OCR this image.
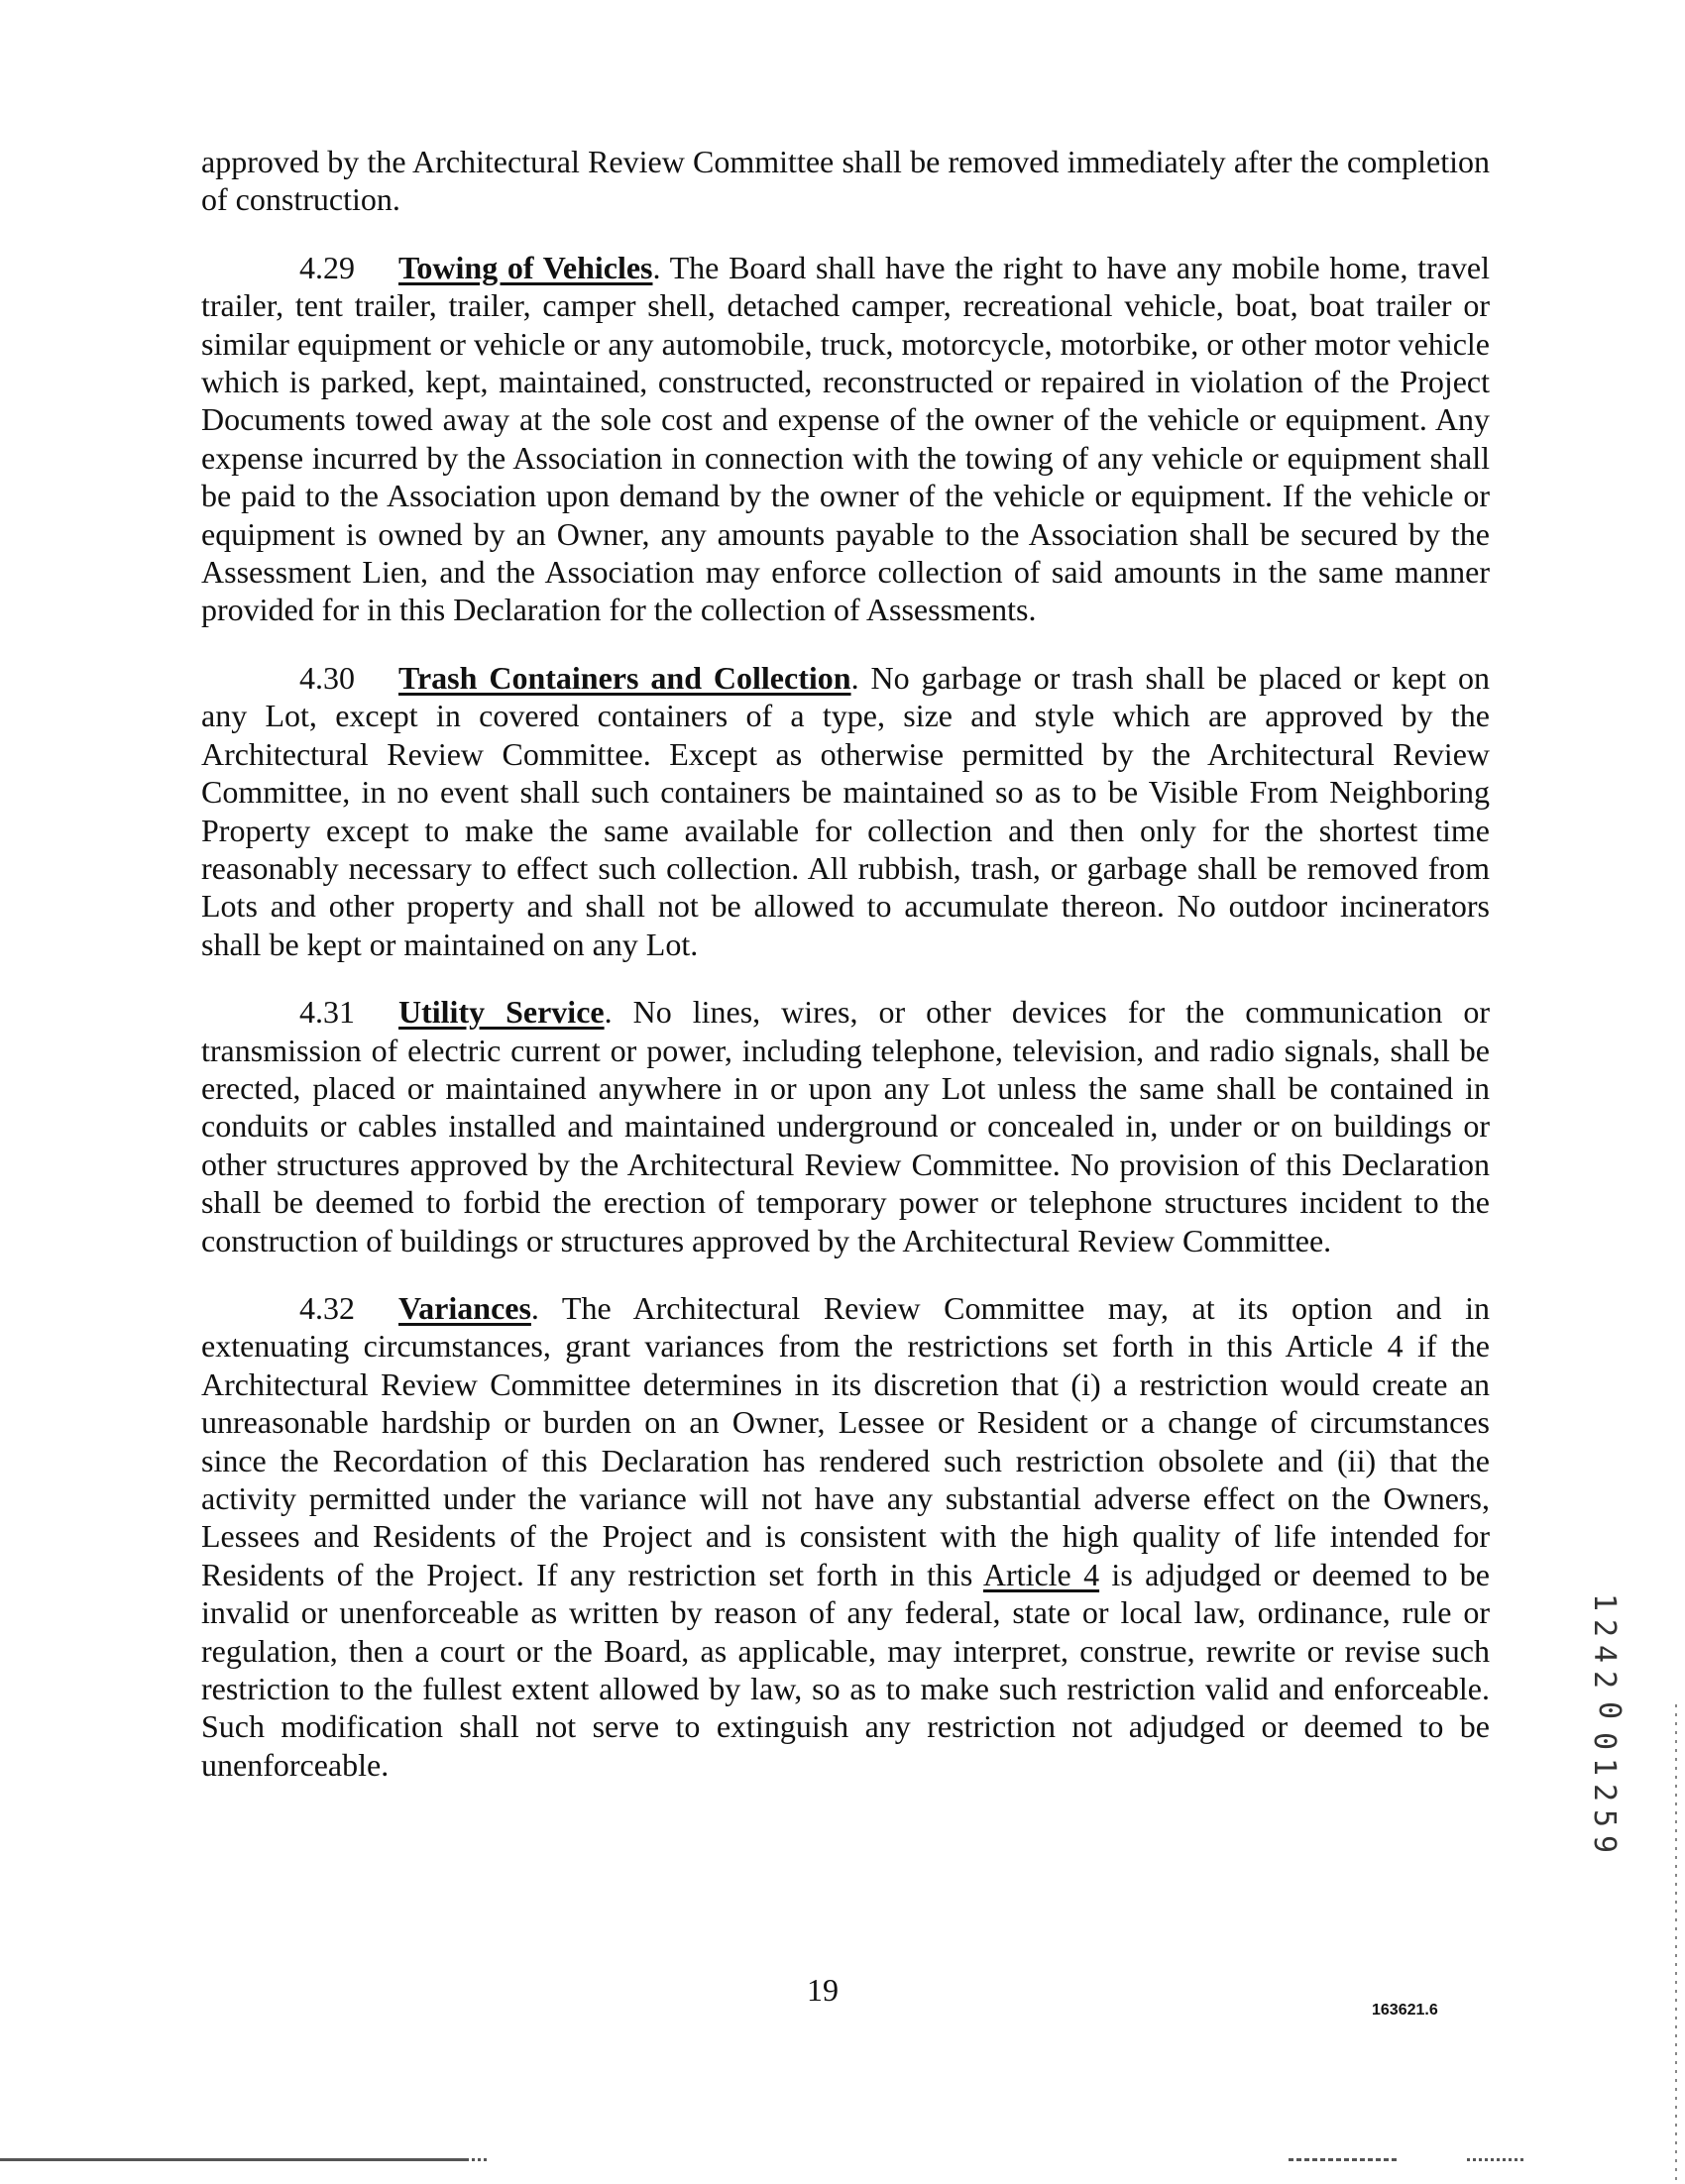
approved by the Architectural Review Committee shall be removed immediately after the completion of construction.

4.29 Towing of Vehicles. The Board shall have the right to have any mobile home, travel trailer, tent trailer, trailer, camper shell, detached camper, recreational vehicle, boat, boat trailer or similar equipment or vehicle or any automobile, truck, motorcycle, motorbike, or other motor vehicle which is parked, kept, maintained, constructed, reconstructed or repaired in violation of the Project Documents towed away at the sole cost and expense of the owner of the vehicle or equipment. Any expense incurred by the Association in connection with the towing of any vehicle or equipment shall be paid to the Association upon demand by the owner of the vehicle or equipment. If the vehicle or equipment is owned by an Owner, any amounts payable to the Association shall be secured by the Assessment Lien, and the Association may enforce collection of said amounts in the same manner provided for in this Declaration for the collection of Assessments.

4.30 Trash Containers and Collection. No garbage or trash shall be placed or kept on any Lot, except in covered containers of a type, size and style which are approved by the Architectural Review Committee. Except as otherwise permitted by the Architectural Review Committee, in no event shall such containers be maintained so as to be Visible From Neighboring Property except to make the same available for collection and then only for the shortest time reasonably necessary to effect such collection. All rubbish, trash, or garbage shall be removed from Lots and other property and shall not be allowed to accumulate thereon. No outdoor incinerators shall be kept or maintained on any Lot.

4.31 Utility Service. No lines, wires, or other devices for the communication or transmission of electric current or power, including telephone, television, and radio signals, shall be erected, placed or maintained anywhere in or upon any Lot unless the same shall be contained in conduits or cables installed and maintained underground or concealed in, under or on buildings or other structures approved by the Architectural Review Committee. No provision of this Declaration shall be deemed to forbid the erection of temporary power or telephone structures incident to the construction of buildings or structures approved by the Architectural Review Committee.

4.32 Variances. The Architectural Review Committee may, at its option and in extenuating circumstances, grant variances from the restrictions set forth in this Article 4 if the Architectural Review Committee determines in its discretion that (i) a restriction would create an unreasonable hardship or burden on an Owner, Lessee or Resident or a change of circumstances since the Recordation of this Declaration has rendered such restriction obsolete and (ii) that the activity permitted under the variance will not have any substantial adverse effect on the Owners, Lessees and Residents of the Project and is consistent with the high quality of life intended for Residents of the Project. If any restriction set forth in this Article 4 is adjudged or deemed to be invalid or unenforceable as written by reason of any federal, state or local law, ordinance, rule or regulation, then a court or the Board, as applicable, may interpret, construe, rewrite or revise such restriction to the fullest extent allowed by law, so as to make such restriction valid and enforceable. Such modification shall not serve to extinguish any restriction not adjudged or deemed to be unenforceable.

1
2
4
2
0
0
1
2
5
9
19
163621.6
